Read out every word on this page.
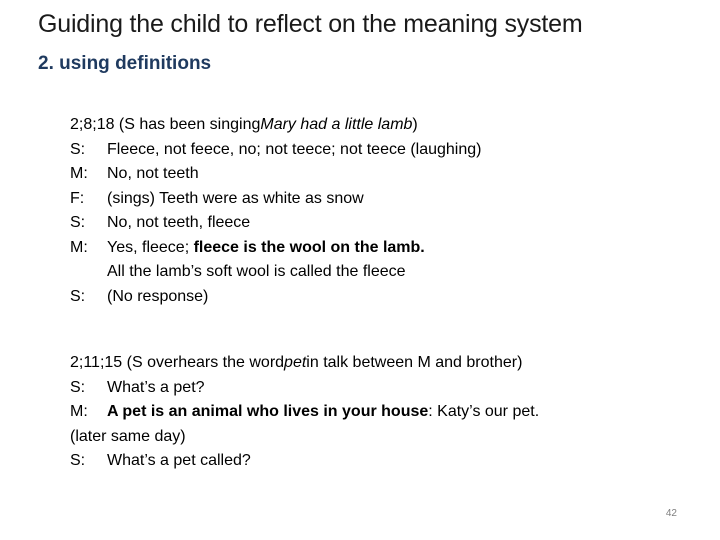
Guiding the child to reflect on the meaning system
2. using definitions
2;8;18 (S has been singing Mary had a little lamb )
S:	Fleece, not feece, no; not teece; not teece (laughing)
M:	No, not teeth
F:	(sings) Teeth were as white as snow
S:	No, not teeth, fleece
M:	Yes, fleece; fleece is the wool on the lamb.
All the lamb’s soft wool is called the fleece
S:	(No response)
2;11;15 (S overhears the word pet in talk between M and brother)
S:	What’s a pet?
M:	A pet is an animal who lives in your house: Katy’s our pet.
(later same day)
S:	What’s a pet called?
42
